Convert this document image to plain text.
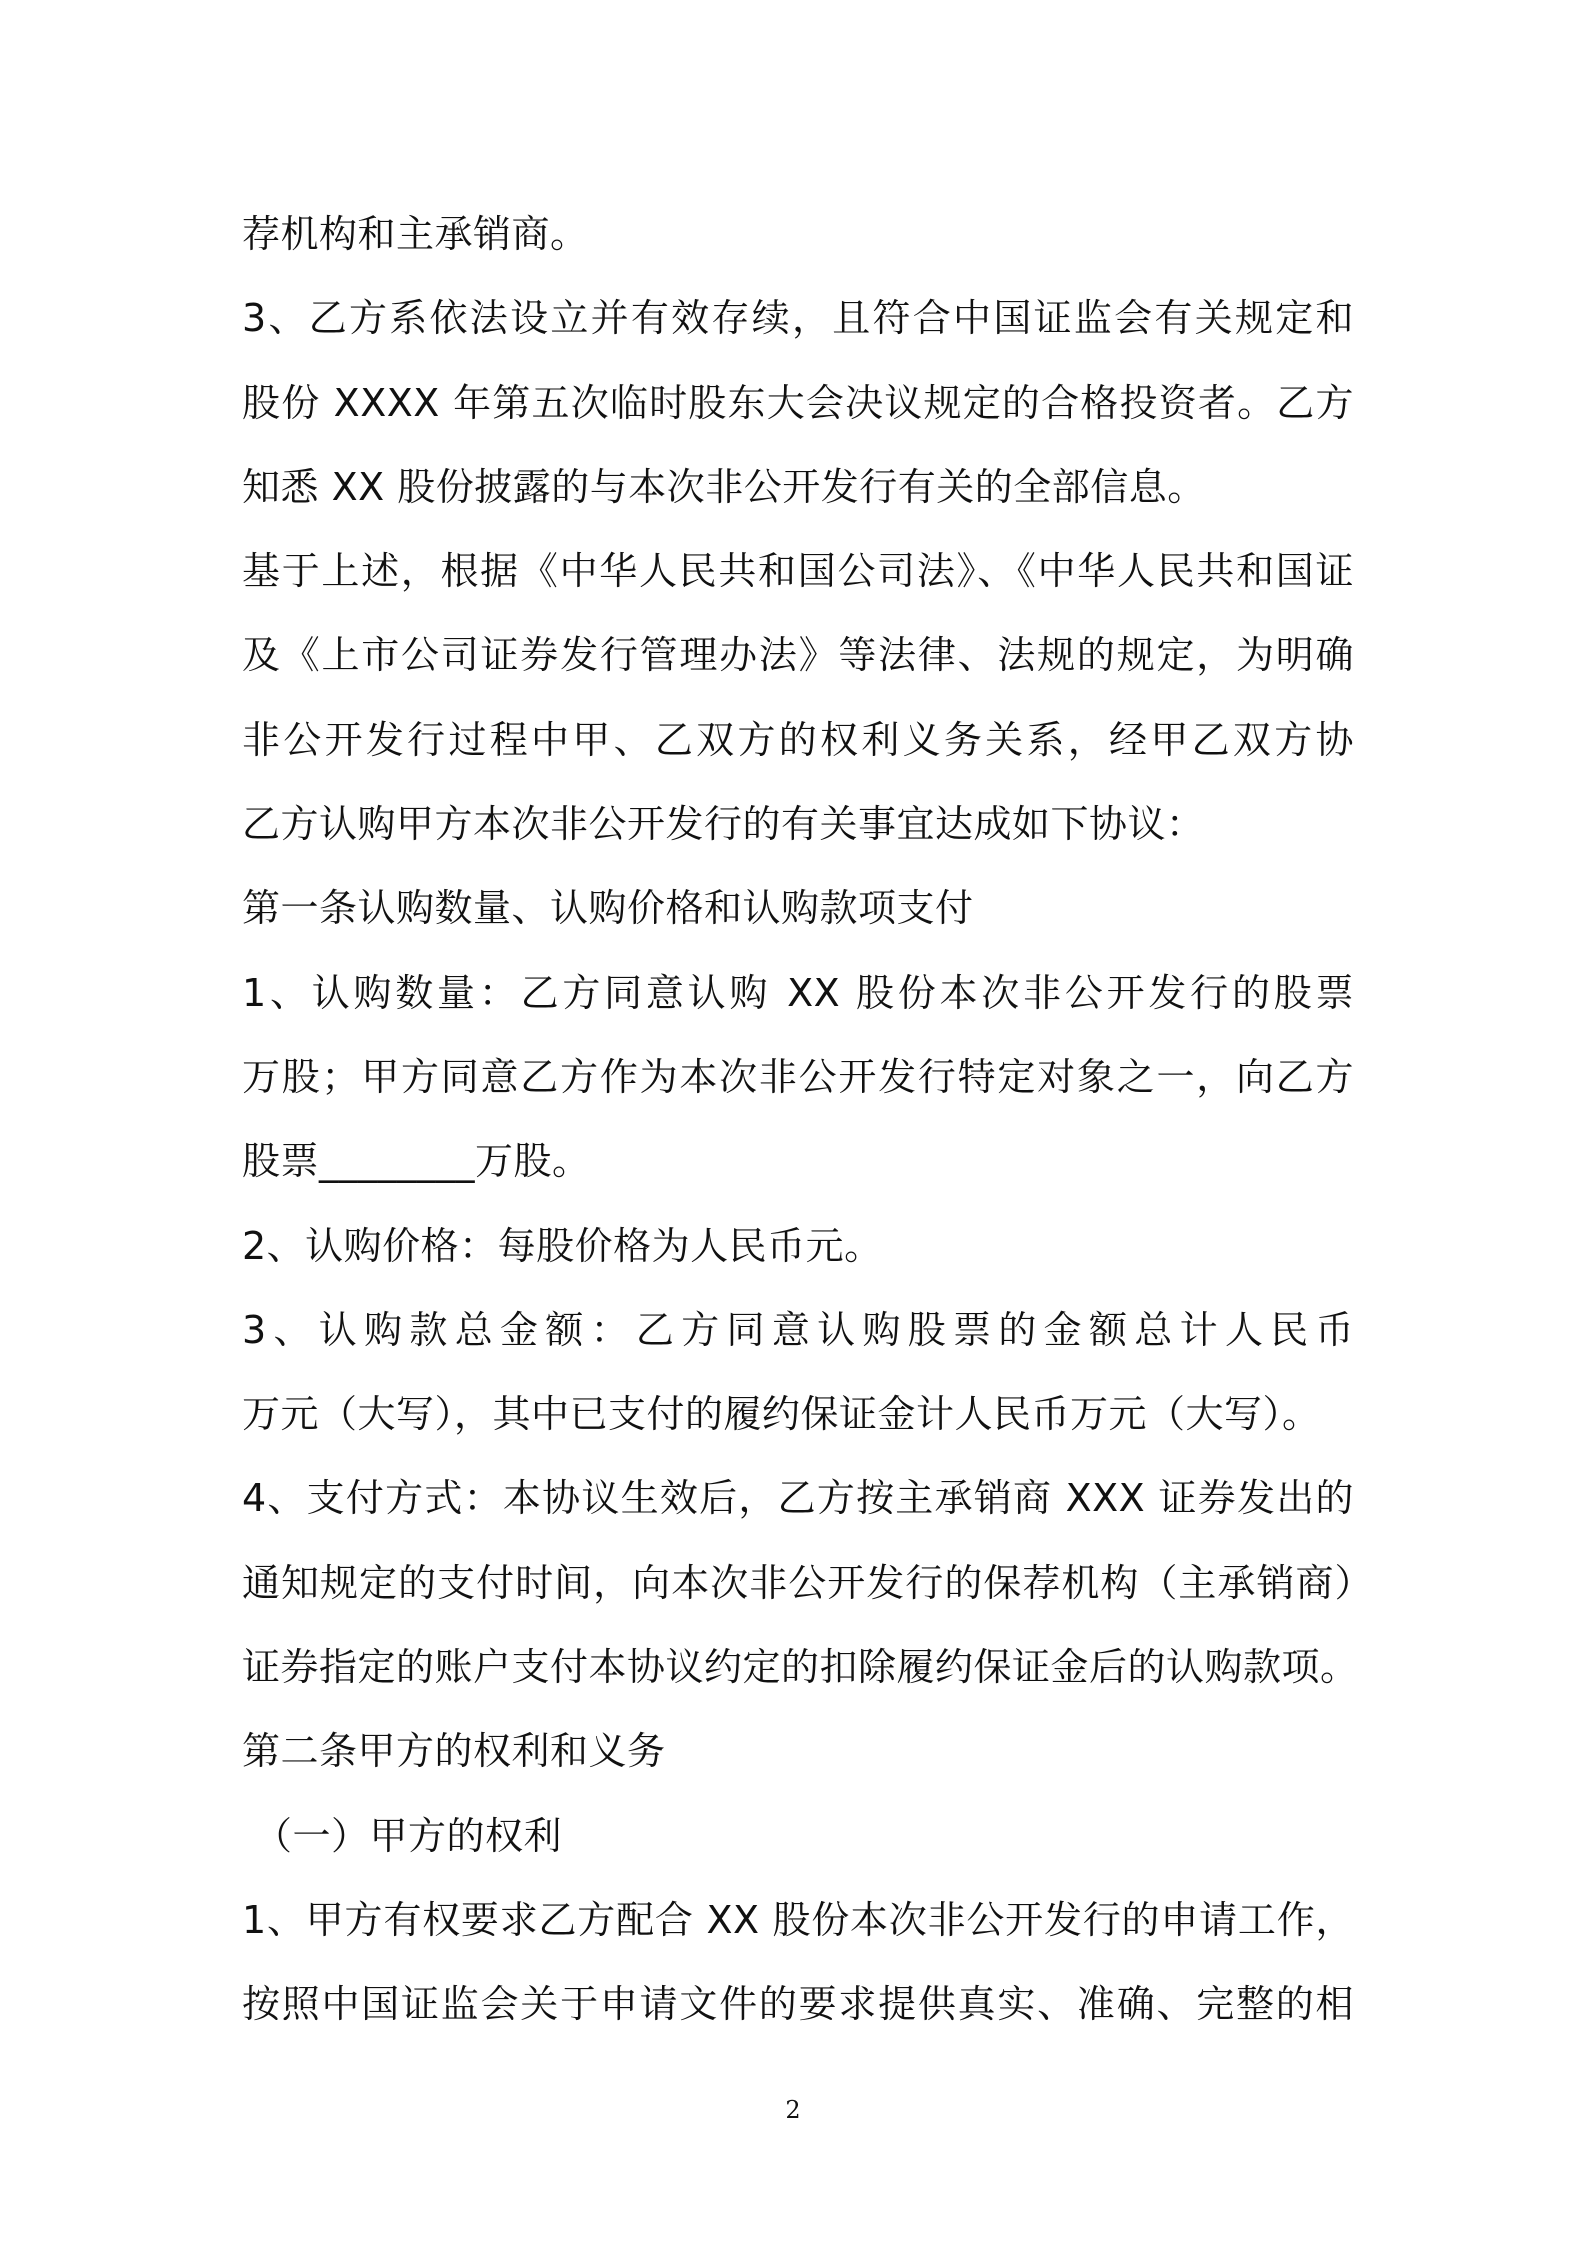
荐机构和主承销商。
3、乙方系依法设立并有效存续，且符合中国证监会有关规定和
股份 XXXX 年第五次临时股东大会决议规定的合格投资者。乙方
知悉 XX 股份披露的与本次非公开发行有关的全部信息。
基于上述，根据《中华人民共和国公司法》、《中华人民共和国证
及《上市公司证券发行管理办法》等法律、法规的规定，为明确
非公开发行过程中甲、乙双方的权利义务关系，经甲乙双方协
乙方认购甲方本次非公开发行的有关事宜达成如下协议：
第一条认购数量、认购价格和认购款项支付
1、认购数量：乙方同意认购 XX 股份本次非公开发行的股票
万股；甲方同意乙方作为本次非公开发行特定对象之一，向乙方
股票________万股。
2、认购价格：每股价格为人民币元。
3、认购款总金额：乙方同意认购股票的金额总计人民币
万元（大写），其中已支付的履约保证金计人民币万元（大写）。
4、支付方式：本协议生效后，乙方按主承销商 XXX 证券发出的
通知规定的支付时间，向本次非公开发行的保荐机构（主承销商）
证券指定的账户支付本协议约定的扣除履约保证金后的认购款项。
第二条甲方的权利和义务
（一）甲方的权利
1、甲方有权要求乙方配合 XX 股份本次非公开发行的申请工作，
按照中国证监会关于申请文件的要求提供真实、准确、完整的相
2
